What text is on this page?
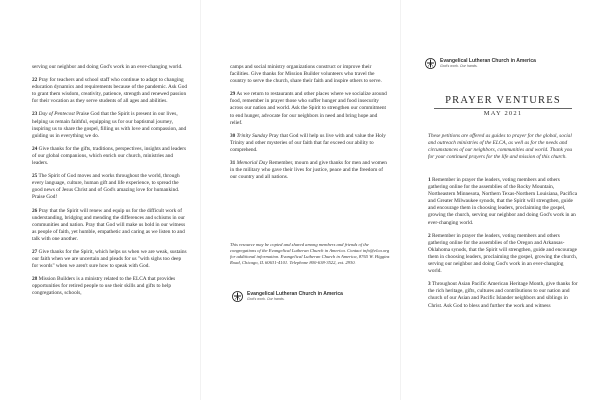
serving our neighbor and doing God's work in an ever-changing world.

22 Pray for teachers and school staff who continue to adapt to changing education dynamics and requirements because of the pandemic. Ask God to grant them wisdom, creativity, patience, strength and renewed passion for their vocation as they serve students of all ages and abilities.

23 Day of Pentecost Praise God that the Spirit is present in our lives, helping us remain faithful, equipping us for our baptismal journey, inspiring us to share the gospel, filling us with love and compassion, and guiding us in everything we do.

24 Give thanks for the gifts, traditions, perspectives, insights and leaders of our global companions, which enrich our church, ministries and leaders.

25 The Spirit of God moves and works throughout the world, through every language, culture, human gift and life experience, to spread the good news of Jesus Christ and of God's amazing love for humankind. Praise God!

26 Pray that the Spirit will renew and equip us for the difficult work of understanding, bridging and mending the differences and schisms in our communities and nation. Pray that God will make us bold in our witness as people of faith, yet humble, empathetic and caring as we listen to and talk with one another.

27 Give thanks for the Spirit, which helps us when we are weak, sustains our faith when we are uncertain and pleads for us "with sighs too deep for words" when we aren't sure how to speak with God.

28 Mission Builders is a ministry related to the ELCA that provides opportunities for retired people to use their skills and gifts to help congregations, schools,

camps and social ministry organizations construct or improve their facilities. Give thanks for Mission Builder volunteers who travel the country to serve the church, share their faith and inspire others to serve.

29 As we return to restaurants and other places where we socialize around food, remember in prayer those who suffer hunger and food insecurity across our nation and world. Ask the Spirit to strengthen our commitment to end hunger, advocate for our neighbors in need and bring hope and relief.

30 Trinity Sunday Pray that God will help us live with and value the Holy Trinity and other mysteries of our faith that far exceed our ability to comprehend.

31 Memorial Day Remember, mourn and give thanks for men and women in the military who gave their lives for justice, peace and the freedom of our country and all nations.

This resource may be copied and shared among members and friends of the congregations of the Evangelical Lutheran Church in America. Contact info@elca.org for additional information. Evangelical Lutheran Church in America, 8765 W. Higgins Road, Chicago, IL 60631-4101. Telephone 800-638-3522, ext. 2930.
Evangelical Lutheran Church in America
God's work. Our hands.
Evangelical Lutheran Church in America
God's work. Our hands.
PRAYER VENTURES
MAY 2021

These petitions are offered as guides to prayer for the global, social and outreach ministries of the ELCA, as well as for the needs and circumstances of our neighbors, communities and world. Thank you for your continued prayers for the life and mission of this church.

1 Remember in prayer the leaders, voting members and others gathering online for the assemblies of the Rocky Mountain, Northeastern Minnesota, Northern Texas-Northern Louisiana, Pacifica and Greater Milwaukee synods, that the Spirit will strengthen, guide and encourage them in choosing leaders, proclaiming the gospel, growing the church, serving our neighbor and doing God's work in an ever-changing world.

2 Remember in prayer the leaders, voting members and others gathering online for the assemblies of the Oregon and Arkansas-Oklahoma synods, that the Spirit will strengthen, guide and encourage them in choosing leaders, proclaiming the gospel, growing the church, serving our neighbor and doing God's work in an ever-changing world.

3 Throughout Asian Pacific American Heritage Month, give thanks for the rich heritage, gifts, cultures and contributions to our nation and church of our Asian and Pacific Islander neighbors and siblings in Christ. Ask God to bless and further the work and witness
